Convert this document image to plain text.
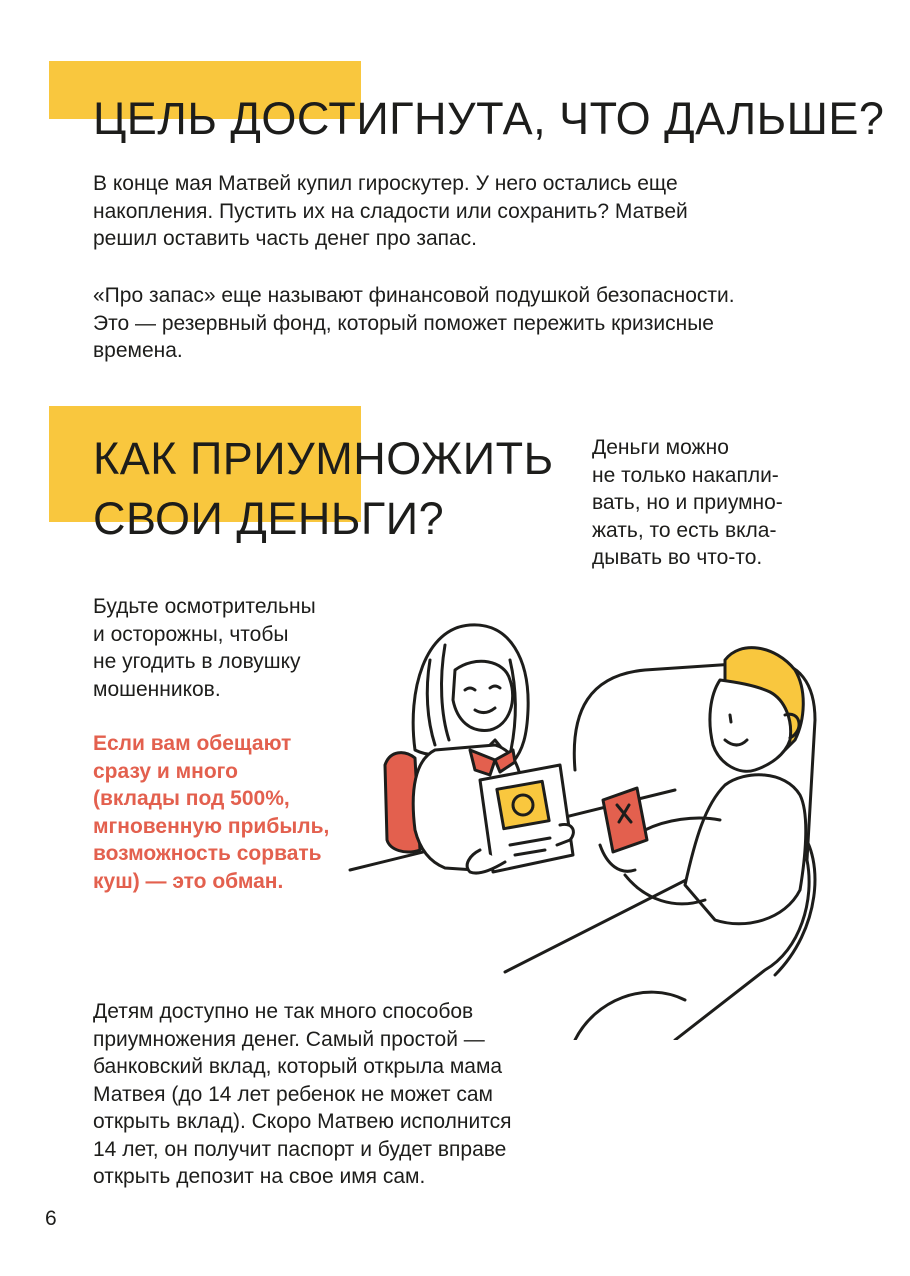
ЦЕЛЬ ДОСТИГНУТА, ЧТО ДАЛЬШЕ?

В конце мая Матвей купил гироскутер. У него остались еще
накопления. Пустить их на сладости или сохранить? Матвей
решил оставить часть денег про запас.

«Про запас» еще называют финансовой подушкой безопасности.
Это — резервный фонд, который поможет пережить кризисные
времена.

КАК ПРИУМНОЖИТЬ
СВОИ ДЕНЬГИ?

Деньги можно
не только накапли-
вать, но и приумно-
жать, то есть вкла-
дывать во что-то.

Будьте осмотрительны
и осторожны, чтобы
не угодить в ловушку
мошенников.

Если вам обещают
сразу и много
(вклады под 500%,
мгновенную прибыль,
возможность сорвать
куш) — это обман.

Детям доступно не так много способов
приумножения денег. Самый простой —
банковский вклад, который открыла мама
Матвея (до 14 лет ребенок не может сам
открыть вклад). Скоро Матвею исполнится
14 лет, он получит паспорт и будет вправе
открыть депозит на свое имя сам.

6
